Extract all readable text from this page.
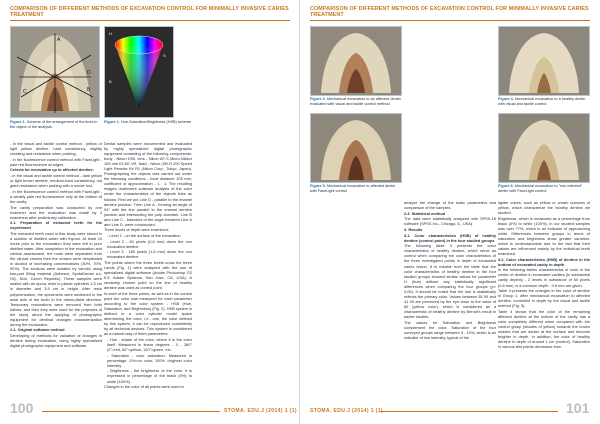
COMPARISON OF DIFFERENT METHODS OF EXCAVATION CONTROL FOR MINIMALLY INVASIVE CARIES TREATMENT
A
B
C
D
Figure 1. Scheme of the arrangement of the lines in the object of the analysis
H
S
B
Figure 2. Hue-Saturation/Brightness (HSB) scheme

- in the visual and tactile control method - yellow or light yellow dentine, hard consistency, slightly creaking and resistance when probing,

- in the fluorescence control method with FaceLight - pale red fluorescence at edges.

Criteria for excavation up to affected dentine:

- in the visual and tactile control method - dark yellow or light brown dentine, medium-hard consistency, not giant resistance when probing with a sonde tool,

- in the fluorescence control method with FaceLight - a weakly pale red fluorescence only at the bottom of the cavity.

The cavity preparation was conducted by one examiner and the evaluation was made by 3 examiners after preliminary calibration.

2.1. Preparation of extracted teeth for the experiment

The extracted teeth used in this study were stored in a solution of distilled water with thymol. At least 24 hours prior to the excavation they were left in pure distilled water. After completion of the excavation and clinical assessment, the roots were separated from the clinical crowns then the crowns were dehydrated in alcohol of increasing concentrations (30%, 70%, 90%). The sections were isolated by varnish using two-part filling material (Adhesor, SpofaDental a.s. HQ, Jičín, Czech Republic). These samples were sealed with an epoxy resin in plastic cylinders 1.5 cm in diameter and 3.5 cm in height. After resin polymerization, the specimens were sectioned in the axial axis of the tooth in the mesio-distal direction. Temporary restorations were removed from both halves, and then they were used for the purposes of the study about the applying of photographic equipment for dentinal changes characterization during the excavation.

2.2. Original software method

Developing of methods for valuation of changes in dentine during excavation, using highly specialized digital photographic equipment and software

Dental samples were documented and evaluated by highly specialized digital photographic equipment consisting of the following components: body - Nikon D90, lens - Nikon AF-S Micro-Nikkor 105 mm f/2.8G VR, flash - Nikon (SB-R 200 Speed Light Remote Kit R1 (Nikon Corp., Tokyo, Japan). Photographing the objects was carried out under the following conditions - focal distance 105 mm, coefficient of approximation - 1 : 1. The resulting images underwent software analysis of the color under the characteristics of the objects lines as follows: First we put Line D - parallel to the enamel dentine junction. Then Line A - forming an angle of 94° with the line parallel to the enamel dentine junction and intersecting the pulp chamber. Line B and Line C - bisectors of the angle between Line A and Line D, were constructed.

Three levels of depth were examined:

- Level 1 - on the surface of the excavation

- Level 2 - 60 pixels (0,6 mm) down the non excavated dentine

- Level 3 - 160 pixels (1,6 mm) down the non excavated dentine.

The points where the three levels cross the three Lands (Fig. 1) were analyzed with the use of specialized digital software (Adobe Photoshop CS 5.5, Adobe Systems, San Jose, CA, USA). A randomly chosen point on the line of healthy dentine was used as control point.

In each of the three points, as well as in the control point the color was measured for each parameter according to the color system - HSB (Hue, Saturation, and Brightness) (Fig. 2). HSB system is defined in a color cylinder model space determining the color, i.e., one, the color defined by this system, it can be reproduced consistently by all technical devices. This system is considered as a natural way of three parameters:

- Hue - shade of the color, where it is the color itself. Measured in linear degrees - 0 - 360°(0°=red, 60°=yellow, 120°=green, etc.

- Saturation - color saturation. Measured in percentage -0%=no color, 100% =highest color intensity

- Brightness - the brightness of the color. It is expressed in percentage of the black (0%) to white (100%).

Changes in the color of all points were used to

100	STOMA. EDU.J (2014) 1 (1)
COMPARISON OF DIFFERENT METHODS OF EXCAVATION CONTROL FOR MINIMALLY INVASIVE CARIES TREATMENT
Figure 3. Mechanical excavation to an affected dentin evaluated with visual and tactile control method
Figure 4. Mechanical excavation to a healthy dentin with visual and tactile control
Figure 5. Mechanical excavation to affected dentin with FaceLight control
Figure 6. Mechanical excavation to "non-infected" dentin with FaceLight control

analyze the change of the basic parameters and comparison of the samples.

2.3. Statistical method

The data were statistically analyzed with SPSS-16 software (SPSS Inc., Chicago, IL, USA).

3. Results

3.1. Color characteristics (HSB) of healthy dentine (control point) in the four studied groups

The following table 3 presents the color characteristics of healthy dentine, which serve as control when comparing the color characteristics of the three investigated points in depth of excavated caries lesion. It is notable from the table that the color characteristics of healthy dentine in the four studied groups showed similar values for parameter H (hue) without any statistically significant differences when comparing the four groups (p> 0,05). It should be noted that the hue is statistically reflects the primary color. Values between 35 00 and 41 00 are perceived by the eye close to the value of 60 (yellow color), which is considered as a characteristic of healthy dentine by Berndt's result in earlier studies.

The values for Saturation and Brightness complement the color. Saturation of the four surveyed groups range between 3 - 10%, which is an indicator of low intensity, typical of the

lighter colors, such as yellow or cream nuances of yellow, which characterize the healthy dentine we studied.

Brightness, which is measured as a percentage from black (0%) to white (100%), in our studied samples was over 77%, which is an indicator of approaching white. Differences between groups in terms of saturation and brightness show greater variation, which is understandable due to the fact that their values are influenced mainly by the individual teeth examined.

3.2. Color characteristics (HSB) of dentine in the bottom of excavated cavity in depth

In the following tables characteristics of color in the center of dentine in excavated cavities (in substantial cavity depths) - 2 levels in substance of 60 pixels (0,6 mm) or a common depth - 0,6 mm are given.

Table 4 presents the changes in the color of dentine in Group 1, after mechanical excavation to affected dentine, controlled in depth by the visual and tactile method (Fig. 3).

Table 4 shows that the color of the remaining affected dentine at the bottom of the cavity has a color completely different when compared with the control group (shades of yellow) towards the brown shades that are darker at the surface and become brighter in depth. In addition, the color of healthy dentine in depth of around 1 cm (control). Saturation in various test points decreases from

STOMA. EDU.J (2014) 1 (1)	101
